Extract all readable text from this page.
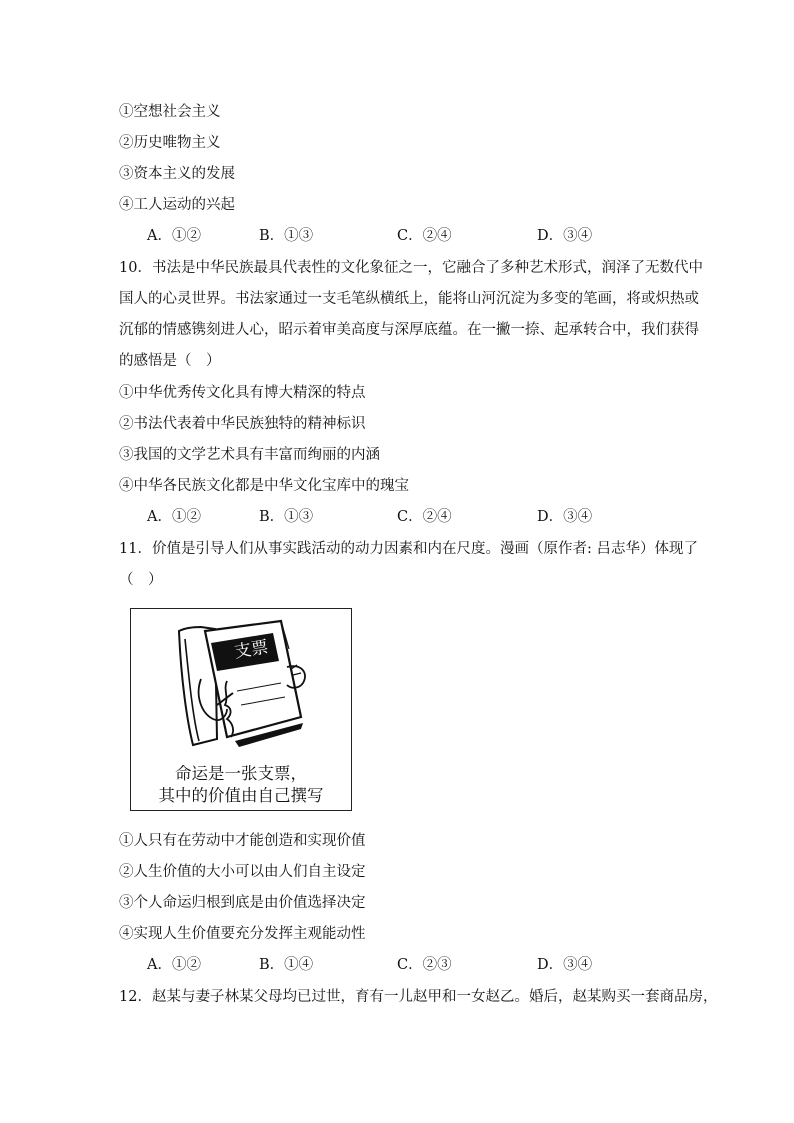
①空想社会主义
②历史唯物主义
③资本主义的发展
④工人运动的兴起
A．①②	B．①③	C．②④	D．③④
10．书法是中华民族最具代表性的文化象征之一，它融合了多种艺术形式，润泽了无数代中
国人的心灵世界。书法家通过一支毛笔纵横纸上，能将山河沉淀为多变的笔画，将或炽热或
沉郁的情感镌刻进人心，昭示着审美高度与深厚底蕴。在一撇一捺、起承转合中，我们获得
的感悟是（　）
①中华优秀传文化具有博大精深的特点
②书法代表着中华民族独特的精神标识
③我国的文学艺术具有丰富而绚丽的内涵
④中华各民族文化都是中华文化宝库中的瑰宝
A．①②	B．①③	C．②④	D．③④
11．价值是引导人们从事实践活动的动力因素和内在尺度。漫画（原作者: 吕志华）体现了
（　）
支票
命运是一张支票，
其中的价值由自己撰写
①人只有在劳动中才能创造和实现价值
②人生价值的大小可以由人们自主设定
③个人命运归根到底是由价值选择决定
④实现人生价值要充分发挥主观能动性
A．①②	B．①④	C．②③	D．③④
12．赵某与妻子林某父母均已过世，育有一儿赵甲和一女赵乙。婚后，赵某购买一套商品房，
